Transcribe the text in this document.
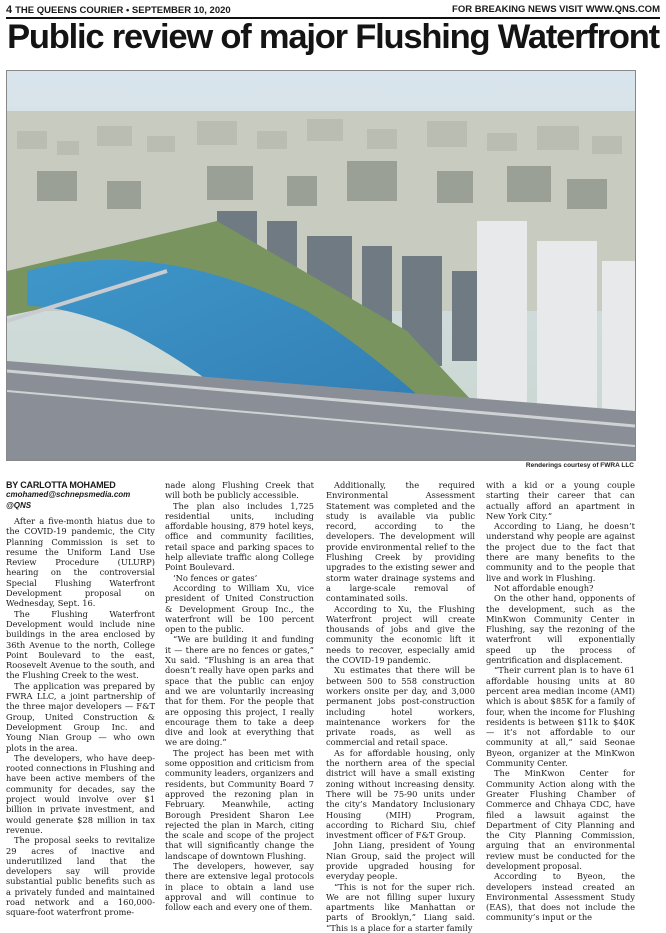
4 THE QUEENS COURIER • SEPTEMBER 10, 2020	FOR BREAKING NEWS VISIT WWW.QNS.COM
Public review of major Flushing Waterfront
Renderings courtesy of FWRA LLC

BY CARLOTTA MOHAMED

cmohamed@schnepsmedia.com

@QNS

After a five-month hiatus due to the COVID-19 pandemic, the City Planning Commission is set to resume the Uniform Land Use Review Procedure (ULURP) hearing on the controversial Special Flushing Waterfront Development proposal on Wednesday, Sept. 16.

The Flushing Waterfront Development would include nine buildings in the area enclosed by 36th Avenue to the north, College Point Boulevard to the east, Roosevelt Avenue to the south, and the Flushing Creek to the west.

The application was prepared by FWRA LLC, a joint partnership of the three major developers — F&T Group, United Construction & Development Group Inc. and Young Nian Group — who own plots in the area.

The developers, who have deep-rooted connections in Flushing and have been active members of the community for decades, say the project would involve over $1 billion in private investment, and would generate $28 million in tax revenue.

The proposal seeks to revitalize 29 acres of inactive and underutilized land that the developers say will provide substantial public benefits such as a privately funded and maintained road network and a 160,000-square-foot waterfront prome-

nade along Flushing Creek that will both be publicly accessible.

The plan also includes 1,725 residential units, including affordable housing, 879 hotel keys, office and community facilities, retail space and parking spaces to help alleviate traffic along College Point Boulevard.

‘No fences or gates’

According to William Xu, vice president of United Construction & Development Group Inc., the waterfront will be 100 percent open to the public.

“We are building it and funding it — there are no fences or gates,” Xu said. “Flushing is an area that doesn’t really have open parks and space that the public can enjoy and we are voluntarily increasing that for them. For the people that are opposing this project, I really encourage them to take a deep dive and look at everything that we are doing.”

The project has been met with some opposition and criticism from community leaders, organizers and residents, but Community Board 7 approved the rezoning plan in February. Meanwhile, acting Borough President Sharon Lee rejected the plan in March, citing the scale and scope of the project that will significantly change the landscape of downtown Flushing.

The developers, however, say there are extensive legal protocols in place to obtain a land use approval and will continue to follow each and every one of them.

Additionally, the required Environmental Assessment Statement was completed and the study is available via public record, according to the developers. The development will provide environmental relief to the Flushing Creek by providing upgrades to the existing sewer and storm water drainage systems and a large-scale removal of contaminated soils.

According to Xu, the Flushing Waterfront project will create thousands of jobs and give the community the economic lift it needs to recover, especially amid the COVID-19 pandemic.

Xu estimates that there will be between 500 to 558 construction workers onsite per day, and 3,000 permanent jobs post-construction including hotel workers, maintenance workers for the private roads, as well as commercial and retail space.

As for affordable housing, only the northern area of the special district will have a small existing zoning without increasing density. There will be 75-90 units under the city’s Mandatory Inclusionary Housing (MIH) Program, according to Richard Siu, chief investment officer of F&T Group.

John Liang, president of Young Nian Group, said the project will provide upgraded housing for everyday people.

“This is not for the super rich. We are not filling super luxury apartments like Manhattan or parts of Brooklyn,” Liang said. “This is a place for a starter family

with a kid or a young couple starting their career that can actually afford an apartment in New York City.”

According to Liang, he doesn’t understand why people are against the project due to the fact that there are many benefits to the community and to the people that live and work in Flushing.

Not affordable enough?

On the other hand, opponents of the development, such as the MinKwon Community Center in Flushing, say the rezoning of the waterfront will exponentially speed up the process of gentrification and displacement.

“Their current plan is to have 61 affordable housing units at 80 percent area median income (AMI) which is about $85K for a family of four, when the income for Flushing residents is between $11k to $40K — it’s not affordable to our community at all,” said Seonae Byeon, organizer at the MinKwon Community Center.

The MinKwon Center for Community Action along with the Greater Flushing Chamber of Commerce and Chhaya CDC, have filed a lawsuit against the Department of City Planning and the City Planning Commission, arguing that an environmental review must be conducted for the development proposal.

According to Byeon, the developers instead created an Environmental Assessment Study (EAS), that does not include the community’s input or the
